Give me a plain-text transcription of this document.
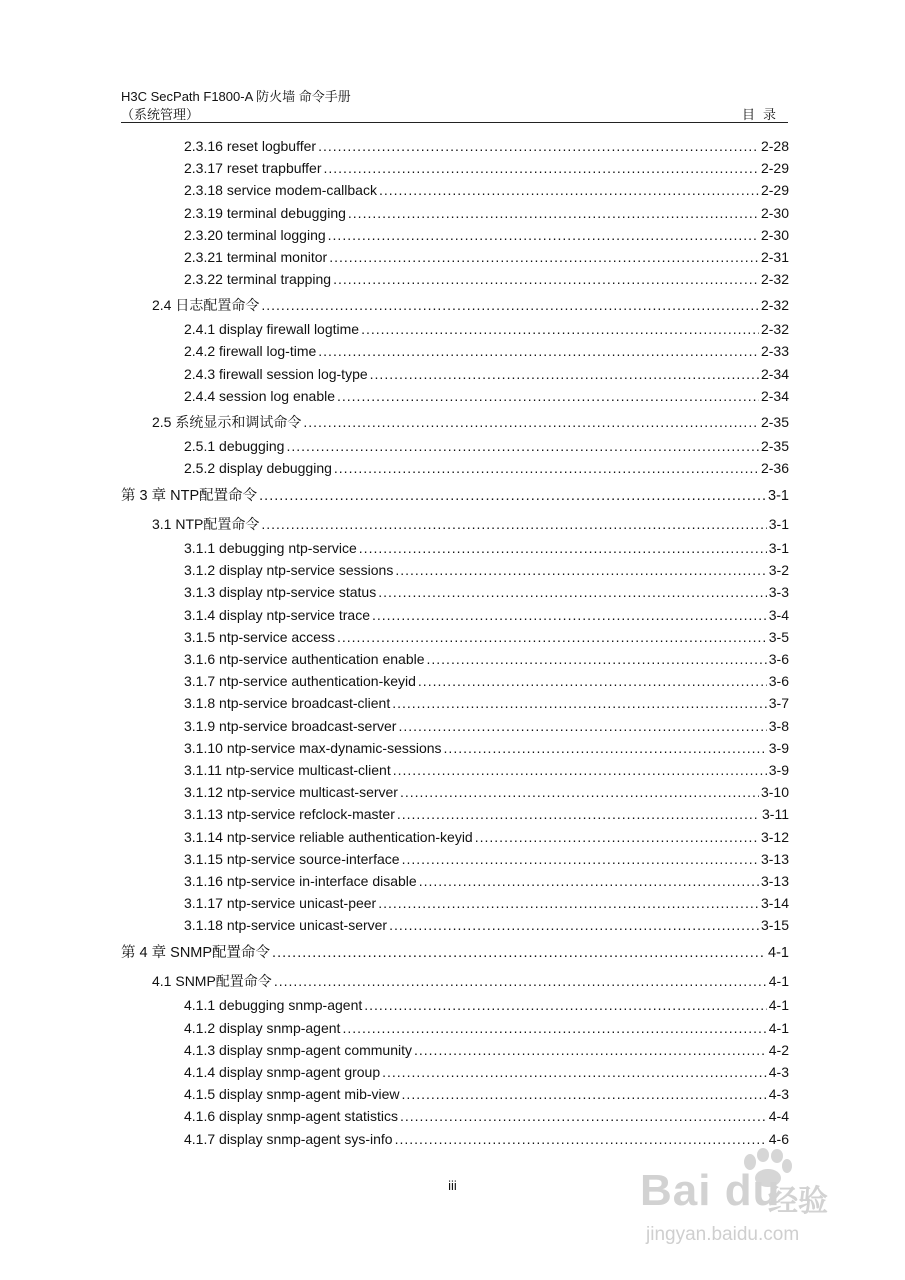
H3C SecPath F1800-A 防火墙 命令手册
（系统管理）	目录
2.3.16 reset logbuffer .....	2-28
2.3.17 reset trapbuffer .....	2-29
2.3.18 service modem-callback .....	2-29
2.3.19 terminal debugging .....	2-30
2.3.20 terminal logging .....	2-30
2.3.21 terminal monitor .....	2-31
2.3.22 terminal trapping .....	2-32
2.4 日志配置命令 .....	2-32
2.4.1 display firewall logtime .....	2-32
2.4.2 firewall log-time .....	2-33
2.4.3 firewall session log-type .....	2-34
2.4.4 session log enable .....	2-34
2.5 系统显示和调试命令 .....	2-35
2.5.1 debugging .....	2-35
2.5.2 display debugging .....	2-36
第 3 章 NTP配置命令 .....	3-1
3.1 NTP配置命令 .....	3-1
3.1.1 debugging ntp-service .....	3-1
3.1.2 display ntp-service sessions .....	3-2
3.1.3 display ntp-service status .....	3-3
3.1.4 display ntp-service trace .....	3-4
3.1.5 ntp-service access .....	3-5
3.1.6 ntp-service authentication enable .....	3-6
3.1.7 ntp-service authentication-keyid .....	3-6
3.1.8 ntp-service broadcast-client .....	3-7
3.1.9 ntp-service broadcast-server .....	3-8
3.1.10 ntp-service max-dynamic-sessions .....	3-9
3.1.11 ntp-service multicast-client .....	3-9
3.1.12 ntp-service multicast-server .....	3-10
3.1.13 ntp-service refclock-master .....	3-11
3.1.14 ntp-service reliable authentication-keyid .....	3-12
3.1.15 ntp-service source-interface .....	3-13
3.1.16 ntp-service in-interface disable .....	3-13
3.1.17 ntp-service unicast-peer .....	3-14
3.1.18 ntp-service unicast-server .....	3-15
第 4 章 SNMP配置命令 .....	4-1
4.1 SNMP配置命令 .....	4-1
4.1.1 debugging snmp-agent .....	4-1
4.1.2 display snmp-agent .....	4-1
4.1.3 display snmp-agent community .....	4-2
4.1.4 display snmp-agent group .....	4-3
4.1.5 display snmp-agent mib-view .....	4-3
4.1.6 display snmp-agent statistics .....	4-4
4.1.7 display snmp-agent sys-info .....	4-6
iii	Bai du
经验
jingyan.baidu.com
